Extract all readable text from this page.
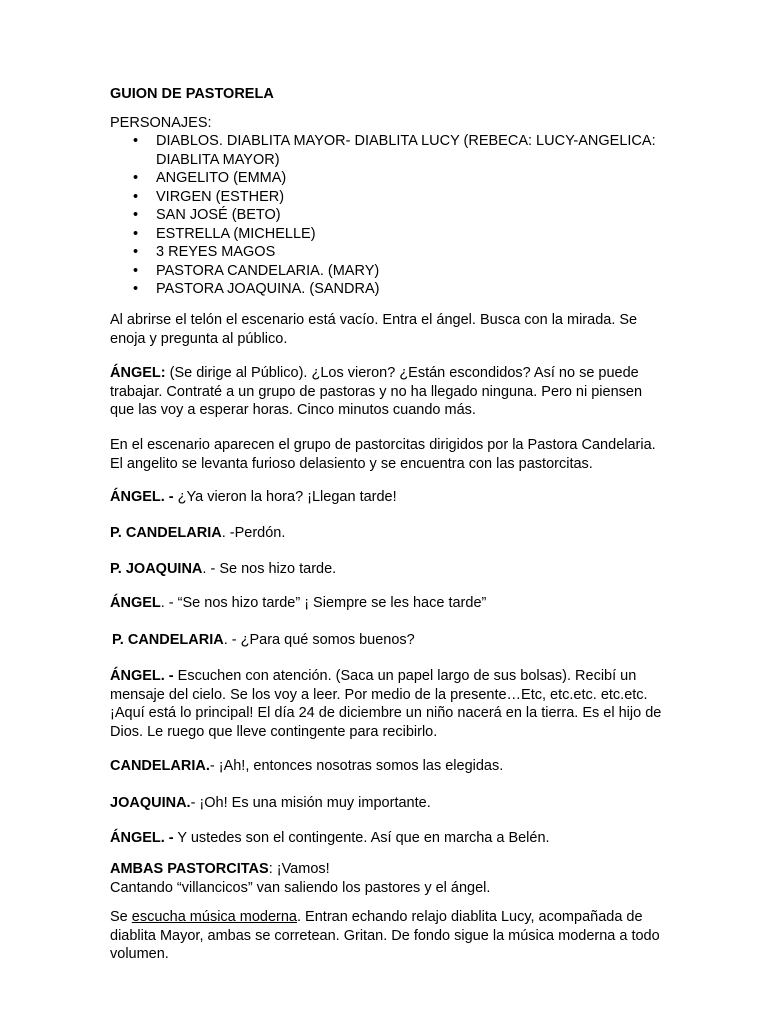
GUION DE PASTORELA
PERSONAJES:
• DIABLOS. DIABLITA MAYOR- DIABLITA LUCY (REBECA: LUCY-ANGELICA: DIABLITA MAYOR)
• ANGELITO (EMMA)
• VIRGEN (ESTHER)
• SAN JOSÉ (BETO)
• ESTRELLA (MICHELLE)
• 3 REYES MAGOS
• PASTORA CANDELARIA. (MARY)
• PASTORA JOAQUINA. (SANDRA)

Al abrirse el telón el escenario está vacío. Entra el ángel. Busca con la mirada. Se enoja y pregunta al público.

ÁNGEL: (Se dirige al Público). ¿Los vieron? ¿Están escondidos? Así no se puede trabajar. Contraté a un grupo de pastoras y no ha llegado ninguna. Pero ni piensen que las voy a esperar horas. Cinco minutos cuando más.

En el escenario aparecen el grupo de pastorcitas dirigidos por la Pastora Candelaria. El angelito se levanta furioso delasiento y se encuentra con las pastorcitas.

ÁNGEL. - ¿Ya vieron la hora? ¡Llegan tarde!

P. CANDELARIA. -Perdón.

P. JOAQUINA. - Se nos hizo tarde.

ÁNGEL. - “Se nos hizo tarde” ¡ Siempre se les hace tarde”

P. CANDELARIA. - ¿Para qué somos buenos?

ÁNGEL. - Escuchen con atención. (Saca un papel largo de sus bolsas). Recibí un mensaje del cielo. Se los voy a leer. Por medio de la presente…Etc, etc.etc. etc.etc. ¡Aquí está lo principal! El día 24 de diciembre un niño nacerá en la tierra. Es el hijo de Dios. Le ruego que lleve contingente para recibirlo.

CANDELARIA.- ¡Ah!, entonces nosotras somos las elegidas.

JOAQUINA.- ¡Oh! Es una misión muy importante.

ÁNGEL. - Y ustedes son el contingente. Así que en marcha a Belén.

AMBAS PASTORCITAS: ¡Vamos!
Cantando “villancicos” van saliendo los pastores y el ángel.

Se escucha música moderna. Entran echando relajo diablita Lucy, acompañada de diablita Mayor, ambas se corretean. Gritan. De fondo sigue la música moderna a todo volumen.
